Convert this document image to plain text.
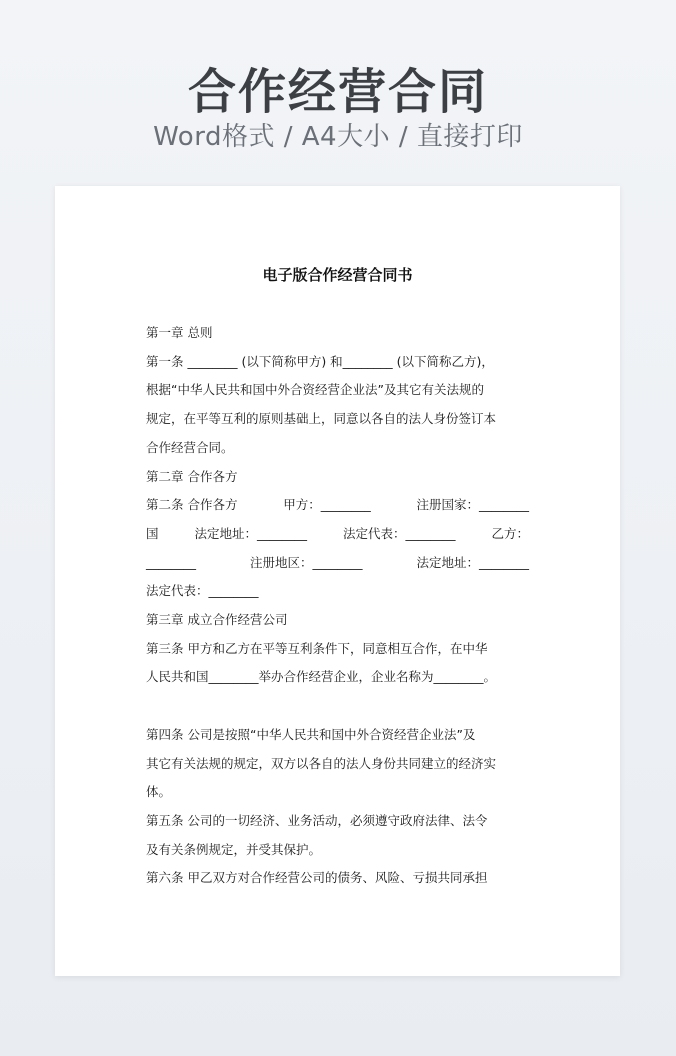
合作经营合同
Word格式 / A4大小 / 直接打印
电子版合作经营合同书
第一章 总则
第一条 ________ (以下简称甲方) 和________ (以下简称乙方)，
根据“中华人民共和国中外合资经营企业法”及其它有关法规的
规定，在平等互利的原则基础上，同意以各自的法人身份签订本
合作经营合同。
第二章 合作各方
第二条 合作各方	甲方：________	注册国家：________
国	法定地址：________	法定代表：________	乙方：
________	注册地区：________	法定地址：________
法定代表：________
第三章 成立合作经营公司
第三条 甲方和乙方在平等互利条件下，同意相互合作，在中华
人民共和国________举办合作经营企业，企业名称为________。
第四条 公司是按照“中华人民共和国中外合资经营企业法”及
其它有关法规的规定，双方以各自的法人身份共同建立的经济实
体。
第五条 公司的一切经济、业务活动，必须遵守政府法律、法令
及有关条例规定，并受其保护。
第六条 甲乙双方对合作经营公司的债务、风险、亏损共同承担
